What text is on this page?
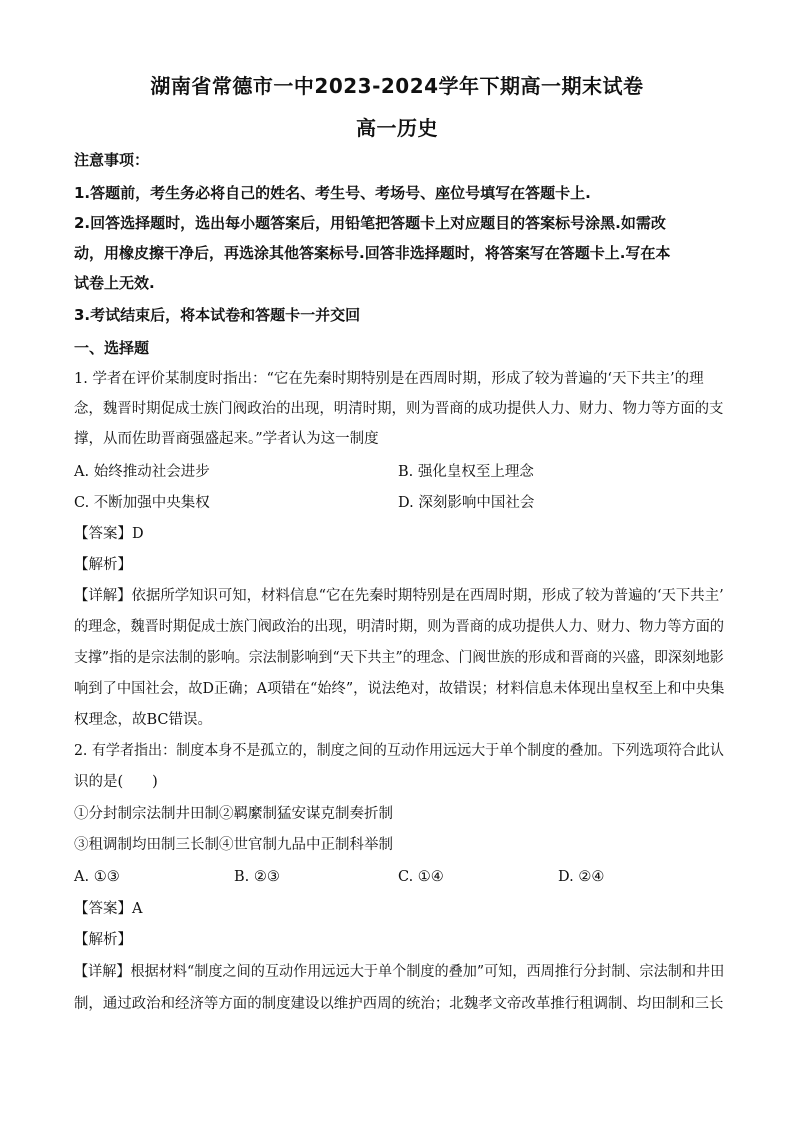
湖南省常德市一中2023-2024学年下期高一期末试卷
高一历史
注意事项：
1.答题前，考生务必将自己的姓名、考生号、考场号、座位号填写在答题卡上.
2.回答选择题时，选出每小题答案后，用铅笔把答题卡上对应题目的答案标号涂黑.如需改
动，用橡皮擦干净后，再选涂其他答案标号.回答非选择题时，将答案写在答题卡上.写在本
试卷上无效.
3.考试结束后，将本试卷和答题卡一并交回
一、选择题
1. 学者在评价某制度时指出：“它在先秦时期特别是在西周时期，形成了较为普遍的‘天下共主’的理
念，魏晋时期促成士族门阀政治的出现，明清时期，则为晋商的成功提供人力、财力、物力等方面的支
撑，从而佐助晋商强盛起来。”学者认为这一制度
A. 始终推动社会进步	B. 强化皇权至上理念
C. 不断加强中央集权	D. 深刻影响中国社会
【答案】D
【解析】
【详解】依据所学知识可知，材料信息“它在先秦时期特别是在西周时期，形成了较为普遍的‘天下共主’
的理念，魏晋时期促成士族门阀政治的出现，明清时期，则为晋商的成功提供人力、财力、物力等方面的
支撑”指的是宗法制的影响。宗法制影响到“天下共主”的理念、门阀世族的形成和晋商的兴盛，即深刻地影
响到了中国社会，故D正确；A项错在“始终”，说法绝对，故错误；材料信息未体现出皇权至上和中央集
权理念，故BC错误。
2. 有学者指出：制度本身不是孤立的，制度之间的互动作用远远大于单个制度的叠加。下列选项符合此认
识的是(　　)
①分封制宗法制井田制②羁縻制猛安谋克制奏折制
③租调制均田制三长制④世官制九品中正制科举制
A. ①③	B. ②③	C. ①④	D. ②④
【答案】A
【解析】
【详解】根据材料“制度之间的互动作用远远大于单个制度的叠加”可知，西周推行分封制、宗法制和井田
制，通过政治和经济等方面的制度建设以维护西周的统治；北魏孝文帝改革推行租调制、均田制和三长
